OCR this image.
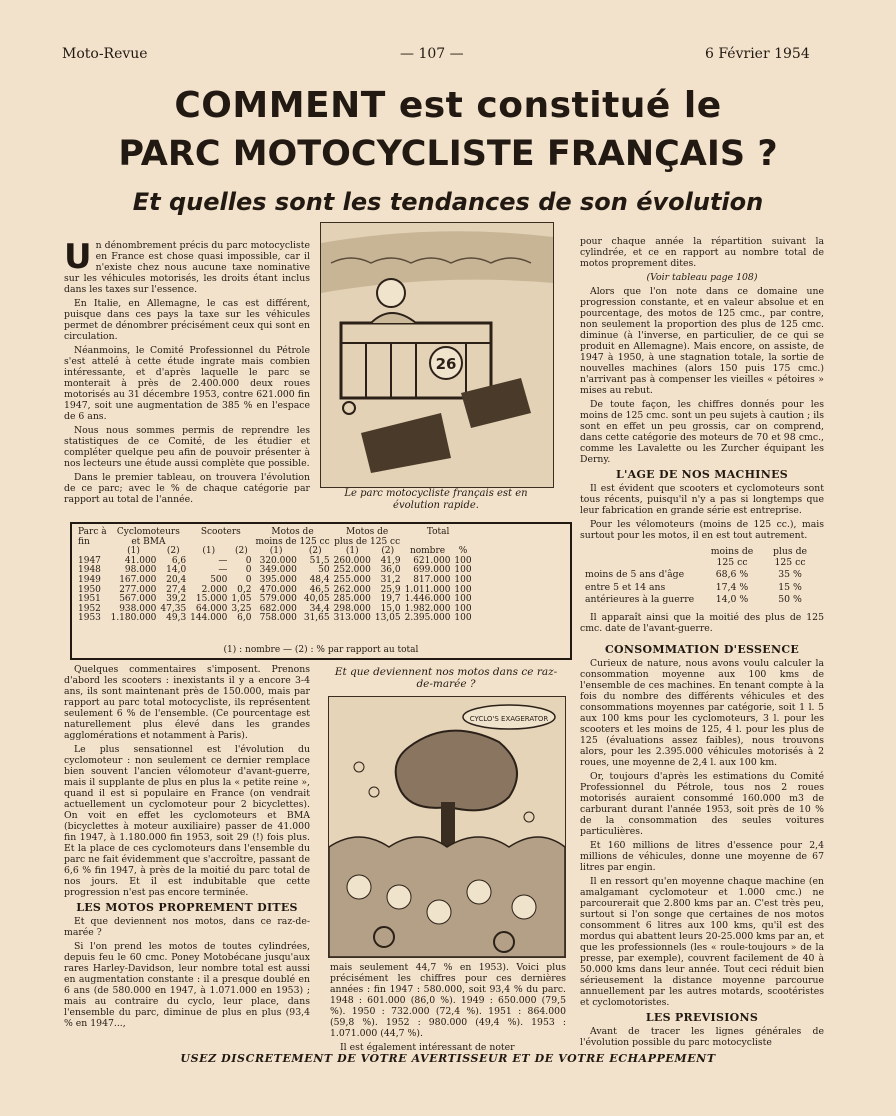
Moto-Revue	— 107 —	6 Février 1954
COMMENT est constitué le
PARC MOTOCYCLISTE FRANÇAIS ?
Et quelles sont les tendances de son évolution

Un dénombrement précis du parc motocycliste en France est chose quasi impossible, car il n'existe chez nous aucune taxe nominative sur les véhicules motorisés, les droits étant inclus dans les taxes sur l'essence.

En Italie, en Allemagne, le cas est différent, puisque dans ces pays la taxe sur les véhicules permet de dénombrer précisément ceux qui sont en circulation.

Néanmoins, le Comité Professionnel du Pétrole s'est attelé à cette étude ingrate mais combien intéressante, et d'après laquelle le parc se monterait à près de 2.400.000 deux roues motorisés au 31 décembre 1953, contre 621.000 fin 1947, soit une augmentation de 385 % en l'espace de 6 ans.

Nous nous sommes permis de reprendre les statistiques de ce Comité, de les étudier et compléter quelque peu afin de pouvoir présenter à nos lecteurs une étude aussi complète que possible.

Dans le premier tableau, on trouvera l'évolution de ce parc; avec le % de chaque catégorie par rapport au total de l'année.

26
Le parc motocycliste français est en évolution rapide.

pour chaque année la répartition suivant la cylindrée, et ce en rapport au nombre total de motos proprement dites.

(Voir tableau page 108)

Alors que l'on note dans ce domaine une progression constante, et en valeur absolue et en pourcentage, des motos de 125 cmc., par contre, non seulement la proportion des plus de 125 cmc. diminue (à l'inverse, en particulier, de ce qui se produit en Allemagne). Mais encore, on assiste, de 1947 à 1950, à une stagnation totale, la sortie de nouvelles machines (alors 150 puis 175 cmc.) n'arrivant pas à compenser les vieilles « pétoires » mises au rebut.

De toute façon, les chiffres donnés pour les moins de 125 cmc. sont un peu sujets à caution ; ils sont en effet un peu grossis, car on comprend, dans cette catégorie des moteurs de 70 et 98 cmc., comme les Lavalette ou les Zurcher équipant les Derny.

L'AGE DE NOS MACHINES

Il est évident que scooters et cyclomoteurs sont tous récents, puisqu'il n'y a pas si longtemps que leur fabrication en grande série est entreprise.

Pour les vélomoteurs (moins de 125 cc.), mais surtout pour les motos, il en est tout autrement.

	moins de 125 cc	plus de 125 cc
moins de 5 ans d'âge	68,6 %	35 %
entre 5 et 14 ans	17,4 %	15 %
antérieures à la guerre	14,0 %	50 %

Il apparaît ainsi que la moitié des plus de 125 cmc. date de l'avant-guerre.

Parc à	Cyclomoteurs		Scooters		Motos de		Motos de		Total	
fin	et BMA				moins de 125 cc		plus de 125 cc			
	(1)	(2)	(1)	(2)	(1)	(2)	(1)	(2)	nombre	%
1947	41.000	6,6	—	0	320.000	51,5	260.000	41,9	621.000	100
1948	98.000	14,0	—	0	349.000	50	252.000	36,0	699.000	100
1949	167.000	20,4	500	0	395.000	48,4	255.000	31,2	817.000	100
1950	277.000	27,4	2.000	0,2	470.000	46,5	262.000	25,9	1.011.000	100
1951	567.000	39,2	15.000	1,05	579.000	40,05	285.000	19,7	1.446.000	100
1952	938.000	47,35	64.000	3,25	682.000	34,4	298.000	15,0	1.982.000	100
1953	1.180.000	49,3	144.000	6,0	758.000	31,65	313.000	13,05	2.395.000	100
(1) : nombre — (2) : % par rapport au total

Quelques commentaires s'imposent. Prenons d'abord les scooters : inexistants il y a encore 3-4 ans, ils sont maintenant près de 150.000, mais par rapport au parc total motocycliste, ils représentent seulement 6 % de l'ensemble. (Ce pourcentage est naturellement plus élevé dans les grandes agglomérations et notamment à Paris).

Le plus sensationnel est l'évolution du cyclomoteur : non seulement ce dernier remplace bien souvent l'ancien vélomoteur d'avant-guerre, mais il supplante de plus en plus la « petite reine », quand il est si populaire en France (on vendrait actuellement un cyclomoteur pour 2 bicyclettes). On voit en effet les cyclomoteurs et BMA (bicyclettes à moteur auxiliaire) passer de 41.000 fin 1947, à 1.180.000 fin 1953, soit 29 (!) fois plus. Et la place de ces cyclomoteurs dans l'ensemble du parc ne fait évidemment que s'accroître, passant de 6,6 % fin 1947, à près de la moitié du parc total de nos jours. Et il est indubitable que cette progression n'est pas encore terminée.

LES MOTOS PROPREMENT DITES

Et que deviennent nos motos, dans ce raz-de-marée ?

Si l'on prend les motos de toutes cylindrées, depuis feu le 60 cmc. Poney Motobécane jusqu'aux rares Harley-Davidson, leur nombre total est aussi en augmentation constante : il a presque doublé en 6 ans (de 580.000 en 1947, à 1.071.000 en 1953) ; mais au contraire du cyclo, leur place, dans l'ensemble du parc, diminue de plus en plus (93,4 % en 1947...,

Et que deviennent nos motos dans ce raz-de-marée ?
CYCLO'S EXAGERATOR

mais seulement 44,7 % en 1953). Voici plus précisément les chiffres pour ces dernières années : fin 1947 : 580.000, soit 93,4 % du parc. 1948 : 601.000 (86,0 %). 1949 : 650.000 (79,5 %). 1950 : 732.000 (72,4 %). 1951 : 864.000 (59,8 %). 1952 : 980.000 (49,4 %). 1953 : 1.071.000 (44,7 %).

Il est également intéressant de noter

CONSOMMATION D'ESSENCE

Curieux de nature, nous avons voulu calculer la consommation moyenne aux 100 kms de l'ensemble de ces machines. En tenant compte à la fois du nombre des différents véhicules et des consommations moyennes par catégorie, soit 1 l. 5 aux 100 kms pour les cyclomoteurs, 3 l. pour les scooters et les moins de 125, 4 l. pour les plus de 125 (évaluations assez faibles), nous trouvons alors, pour les 2.395.000 véhicules motorisés à 2 roues, une moyenne de 2,4 l. aux 100 km.

Or, toujours d'après les estimations du Comité Professionnel du Pétrole, tous nos 2 roues motorisés auraient consommé 160.000 m3 de carburant durant l'année 1953, soit près de 10 % de la consommation des seules voitures particulières.

Et 160 millions de litres d'essence pour 2,4 millions de véhicules, donne une moyenne de 67 litres par engin.

Il en ressort qu'en moyenne chaque machine (en amalgamant cyclomoteur et 1.000 cmc.) ne parcourerait que 2.800 kms par an. C'est très peu, surtout si l'on songe que certaines de nos motos consomment 6 litres aux 100 kms, qu'il est des mordus qui abattent leurs 20-25.000 kms par an, et que les professionnels (les « roule-toujours » de la presse, par exemple), couvrent facilement de 40 à 50.000 kms dans leur année. Tout ceci réduit bien sérieusement la distance moyenne parcourue annuellement par les autres motards, scootéristes et cyclomotoristes.

LES PREVISIONS

Avant de tracer les lignes générales de l'évolution possible du parc motocycliste

USEZ DISCRETEMENT DE VOTRE AVERTISSEUR ET DE VOTRE ECHAPPEMENT
